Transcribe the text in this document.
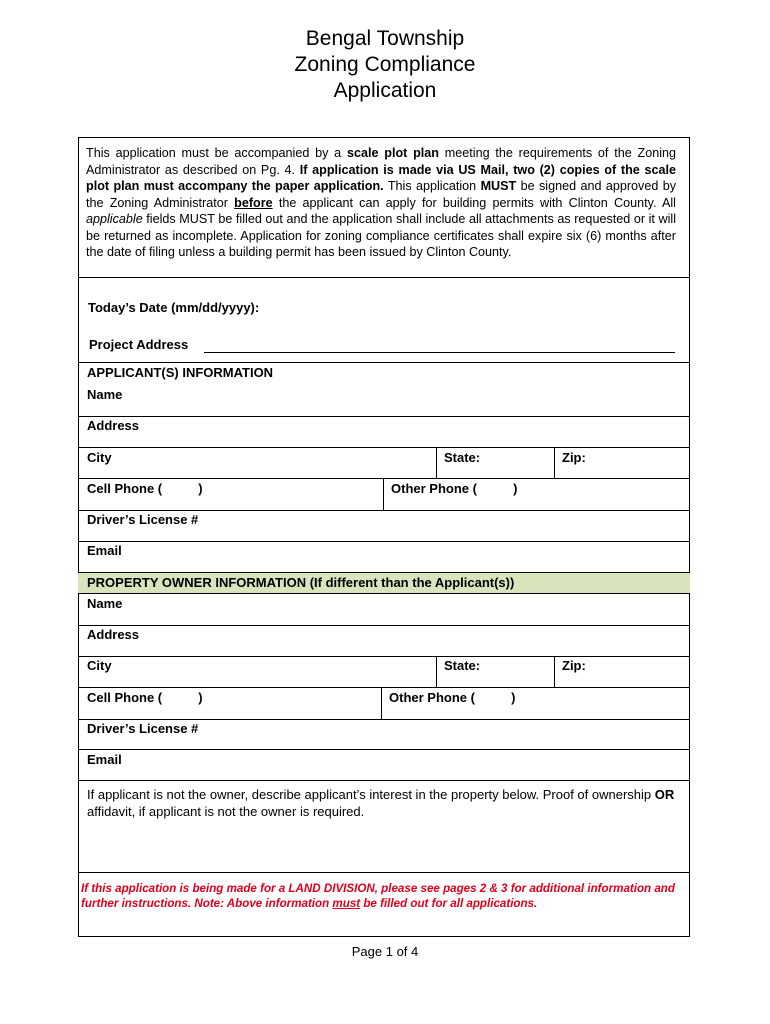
Bengal Township
Zoning Compliance
Application
This application must be accompanied by a scale plot plan meeting the requirements of the Zoning Administrator as described on Pg. 4. If application is made via US Mail, two (2) copies of the scale plot plan must accompany the paper application. This application MUST be signed and approved by the Zoning Administrator before the applicant can apply for building permits with Clinton County. All applicable fields MUST be filled out and the application shall include all attachments as requested or it will be returned as incomplete. Application for zoning compliance certificates shall expire six (6) months after the date of filing unless a building permit has been issued by Clinton County.
Today’s Date (mm/dd/yyyy):
Project Address
APPLICANT(S) INFORMATION
Name
Address
City	State:	Zip:
Cell Phone (          )	Other Phone (          )
Driver’s License #
Email
PROPERTY OWNER INFORMATION (If different than the Applicant(s))
Name
Address
City	State:	Zip:
Cell Phone (          )	Other Phone (          )
Driver’s License #
Email
If applicant is not the owner, describe applicant’s interest in the property below. Proof of ownership OR affidavit, if applicant is not the owner is required.
If this application is being made for a LAND DIVISION, please see pages 2 & 3 for additional information and further instructions. Note: Above information must be filled out for all applications.
Page 1 of 4
